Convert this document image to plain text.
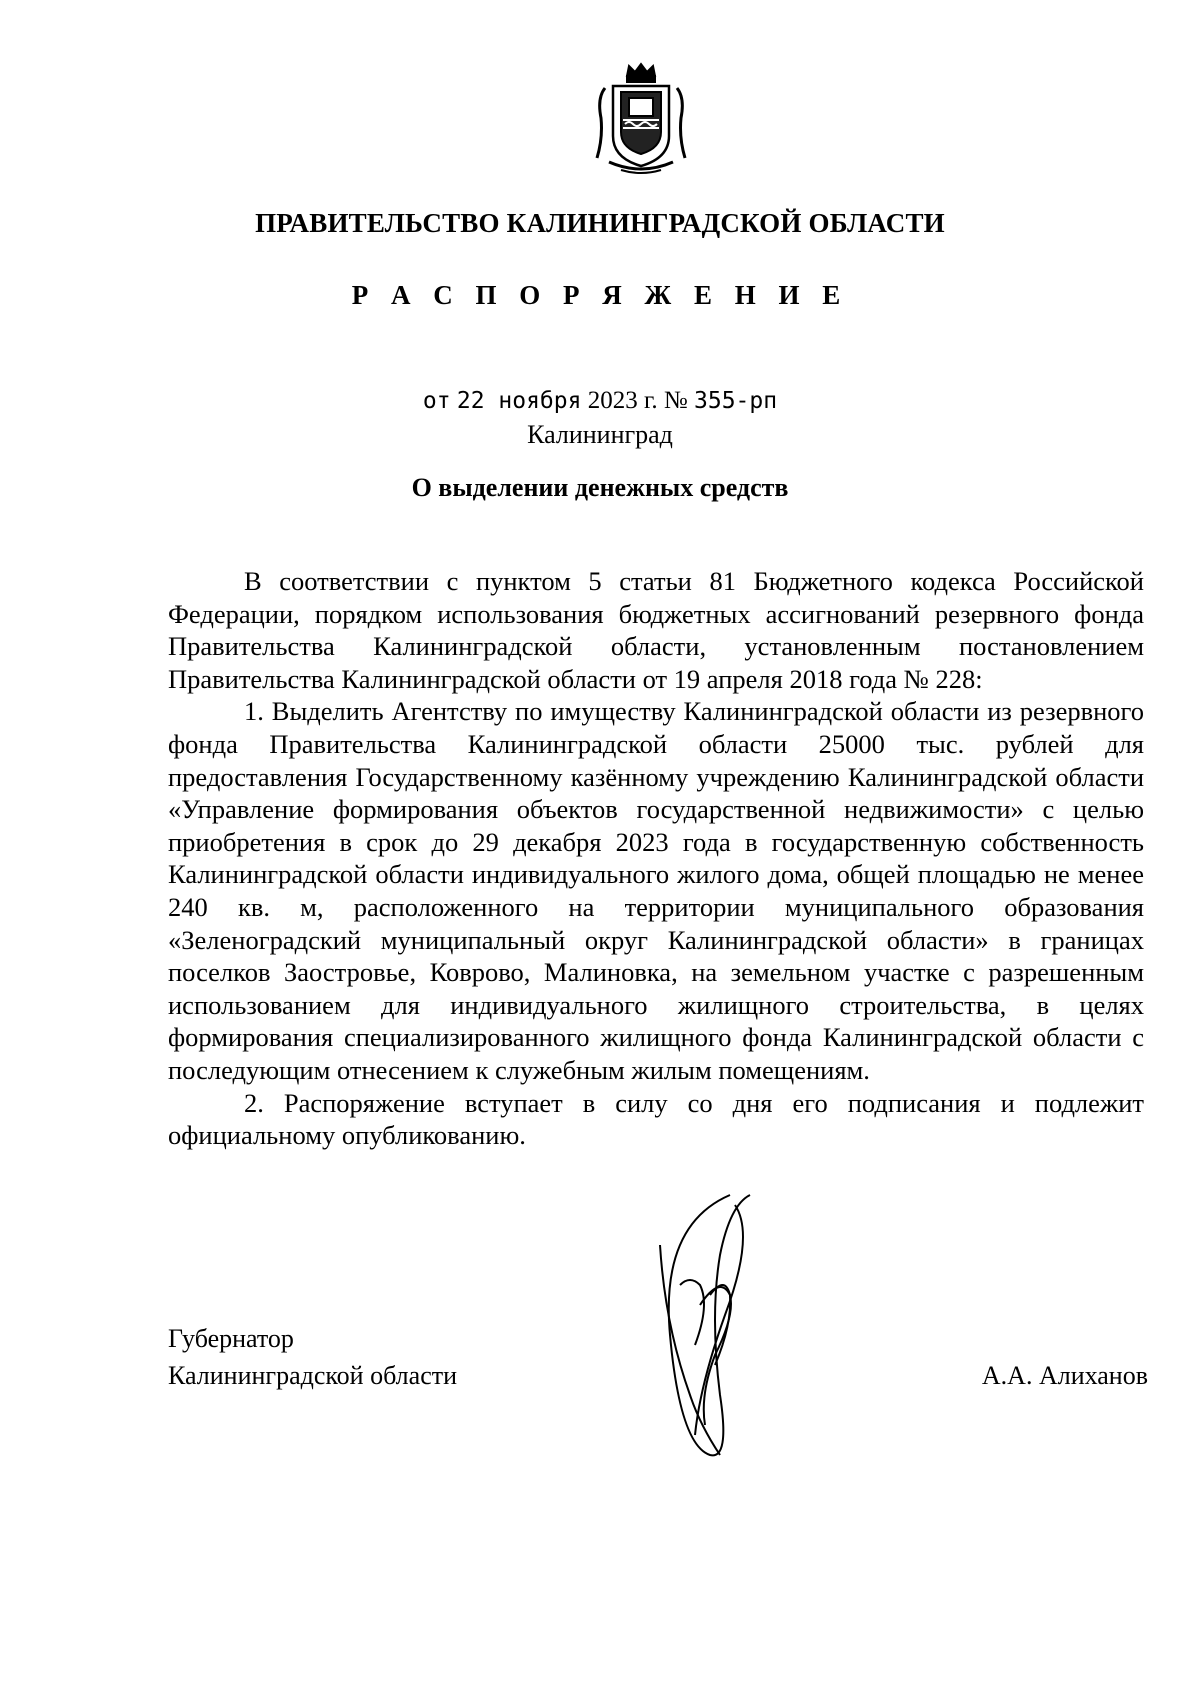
ПРАВИТЕЛЬСТВО КАЛИНИНГРАДСКОЙ ОБЛАСТИ
Р А С П О Р Я Ж Е Н И Е
от 22 ноября 2023 г. № 355-рп
Калининград
О выделении денежных средств

В соответствии с пунктом 5 статьи 81 Бюджетного кодекса Российской Федерации, порядком использования бюджетных ассигнований резервного фонда Правительства Калининградской области, установленным постановлением Правительства Калининградской области от 19 апреля 2018 года № 228:

1. Выделить Агентству по имуществу Калининградской области из резервного фонда Правительства Калининградской области 25000 тыс. рублей для предоставления Государственному казённому учреждению Калининградской области «Управление формирования объектов государственной недвижимости» с целью приобретения в срок до 29 декабря 2023 года в государственную собственность Калининградской области индивидуального жилого дома, общей площадью не менее 240 кв. м, расположенного на территории муниципального образования «Зеленоградский муниципальный округ Калининградской области» в границах поселков Заостровье, Коврово, Малиновка, на земельном участке с разрешенным использованием для индивидуального жилищного строительства, в целях формирования специализированного жилищного фонда Калининградской области с последующим отнесением к служебным жилым помещениям.

2. Распоряжение вступает в силу со дня его подписания и подлежит официальному опубликованию.

Губернатор
Калининградской области	А.А. Алиханов
